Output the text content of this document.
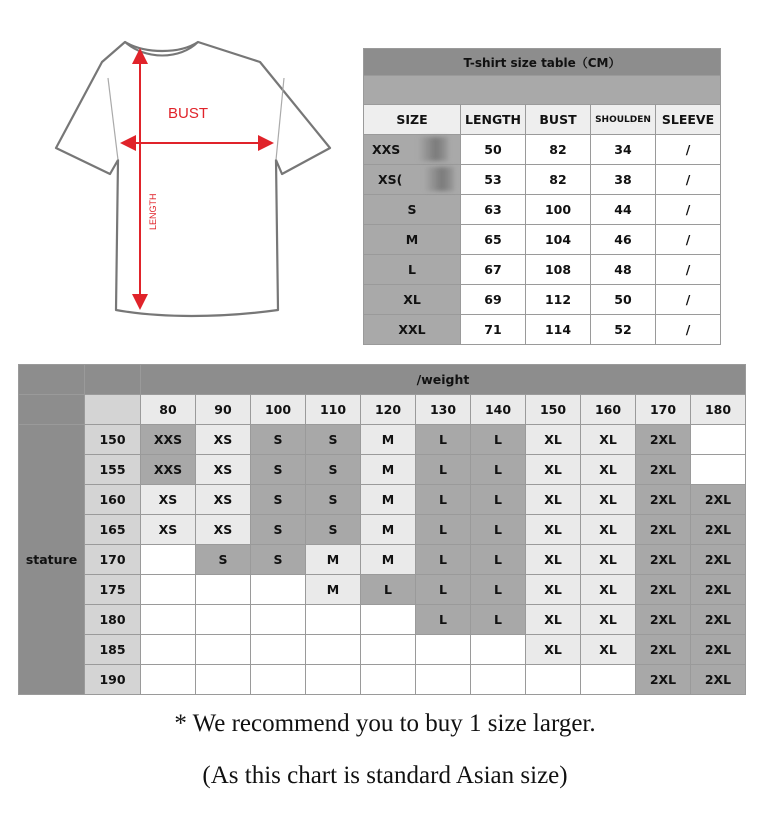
BUST
LENGTH
T-shirt size table（CM）				

SIZE	LENGTH	BUST	SHOULDEN	SLEEVE
XXS	50	82	34	/
XS(	53	82	38	/
S	63	100	44	/
M	65	104	46	/
L	67	108	48	/
XL	69	112	50	/
XXL	71	114	52	/
		/weight										
		80	90	100	110	120	130	140	150	160	170	180
stature	150	XXS	XS	S	S	M	L	L	XL	XL	2XL	
	155	XXS	XS	S	S	M	L	L	XL	XL	2XL	
	160	XS	XS	S	S	M	L	L	XL	XL	2XL	2XL
	165	XS	XS	S	S	M	L	L	XL	XL	2XL	2XL
	170		S	S	M	M	L	L	XL	XL	2XL	2XL
	175				M	L	L	L	XL	XL	2XL	2XL
	180						L	L	XL	XL	2XL	2XL
	185								XL	XL	2XL	2XL
	190										2XL	2XL
* We recommend you to buy 1 size larger.
(As this chart is standard Asian size)
